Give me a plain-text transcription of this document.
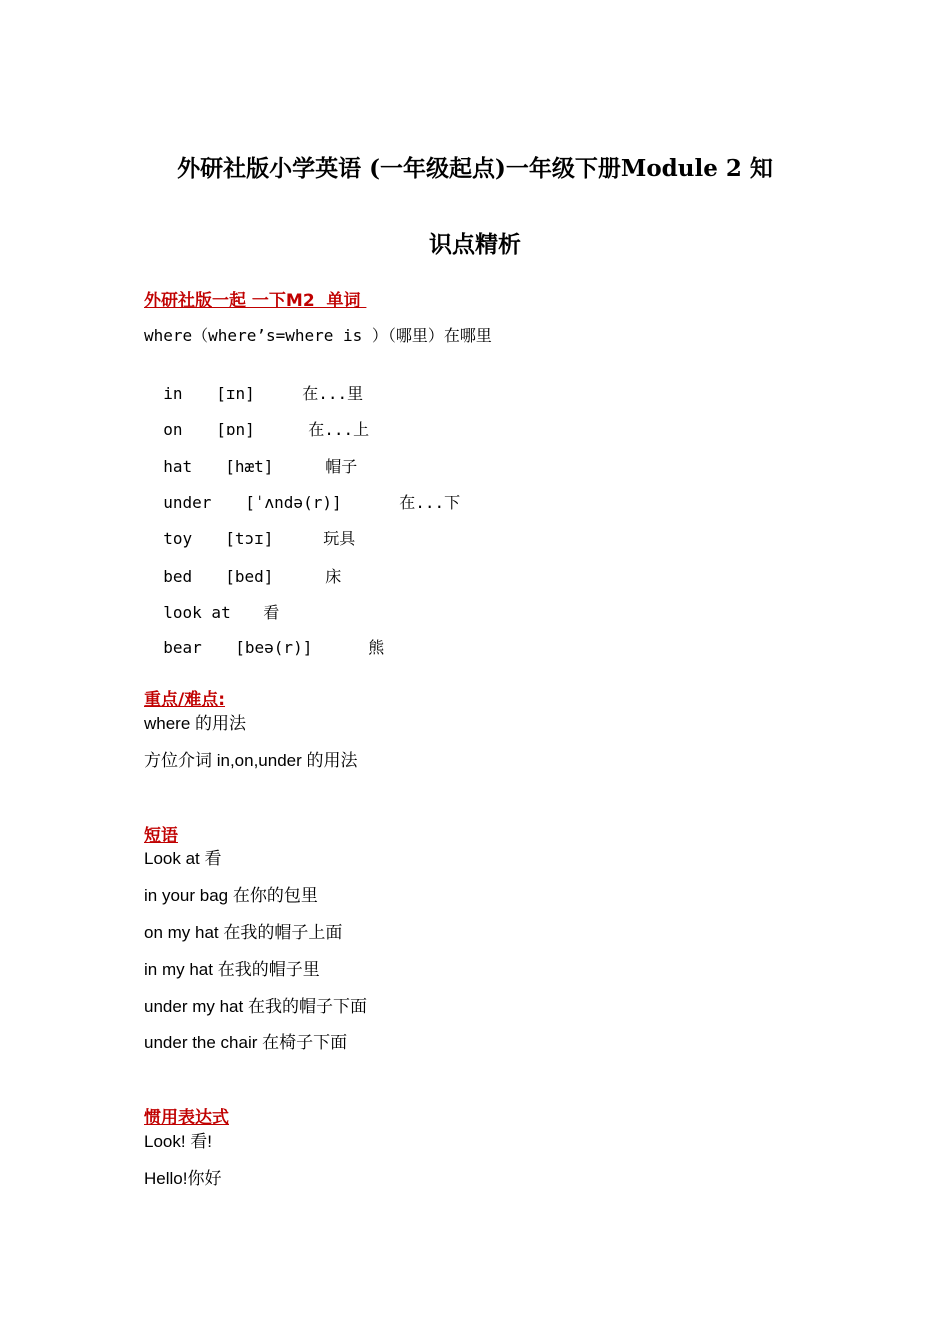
外研社版小学英语 (一年级起点)一年级下册Module 2 知
识点精析
外研社版一起 一下M2  单词
where（where’s=where is ）（哪里）在哪里

in [ɪn]	在...里

on [ɒn]	在...上

hat [hæt]	帽子

under [ˈʌndə(r)]	在...下

toy [tɔɪ]	玩具

bed [bed]	床

look at 看

bear [beə(r)]	熊

重点/难点:
where 的用法
方位介词 in,on,under 的用法
短语
Look at 看
in your bag 在你的包里
on my hat 在我的帽子上面
in my hat 在我的帽子里
under my hat 在我的帽子下面
under the chair 在椅子下面
惯用表达式
Look! 看!
Hello!你好
